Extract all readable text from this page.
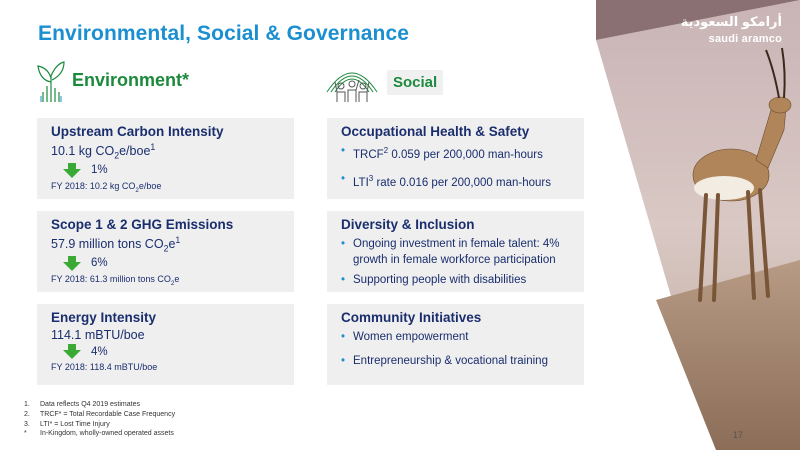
Environmental, Social & Governance
أرامكو السعودية
saudi aramco
Environment*	Social
Upstream Carbon Intensity
10.1 kg $CO_2e/boe^1$
1%
FY 2018: 10.2 kg $CO_2e$/boe
Scope 1 & 2 GHG Emissions
57.9 million tons $CO_2e^1$
6%
FY 2018: 61.3 million tons $CO_2e$
Energy Intensity
114.1 mBTU/boe
4%
FY 2018: 118.4 mBTU/boe
Occupational Health & Safety
• TRCF$^2$ 0.059 per 200,000 man-hours
• LTI$^3$ rate 0.016 per 200,000 man-hours
Diversity & Inclusion
• Ongoing investment in female talent: 4% growth in female workforce participation
• Supporting people with disabilities
Community Initiatives
• Women empowerment
• Entrepreneurship & vocational training
1.	Data reflects Q4 2019 estimates
2.	TRCF* = Total Recordable Case Frequency
3.	LTI* = Lost Time Injury
*	In-Kingdom, wholly-owned operated assets	17
